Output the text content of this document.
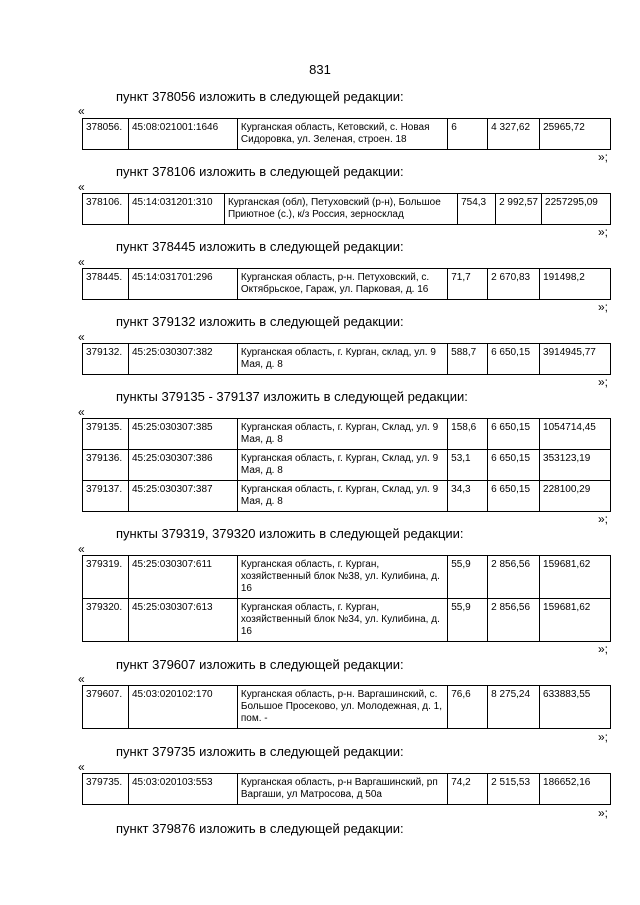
831
пункт 378056 изложить в следующей редакции:
«
378056.	45:08:021001:1646	Курганская область, Кетовский, с. Новая Сидоровка, ул. Зеленая, строен. 18	6	4 327,62	25965,72
»;
пункт 378106 изложить в следующей редакции:
«
378106.	45:14:031201:310	Курганская (обл), Петуховский (р-н), Большое Приютное (с.), к/з Россия, зерносклад	754,3	2 992,57	2257295,09
»;
пункт 378445 изложить в следующей редакции:
«
378445.	45:14:031701:296	Курганская область, р-н. Петуховский, с. Октябрьское, Гараж, ул. Парковая, д. 16	71,7	2 670,83	191498,2
»;
пункт 379132 изложить в следующей редакции:
«
379132.	45:25:030307:382	Курганская область, г. Курган, склад, ул. 9 Мая, д. 8	588,7	6 650,15	3914945,77
»;
пункты 379135 - 379137 изложить в следующей редакции:
«
379135.	45:25:030307:385	Курганская область, г. Курган, Склад, ул. 9 Мая, д. 8	158,6	6 650,15	1054714,45
379136.	45:25:030307:386	Курганская область, г. Курган, Склад, ул. 9 Мая, д. 8	53,1	6 650,15	353123,19
379137.	45:25:030307:387	Курганская область, г. Курган, Склад, ул. 9 Мая, д. 8	34,3	6 650,15	228100,29
»;
пункты 379319, 379320 изложить в следующей редакции:
«
379319.	45:25:030307:611	Курганская область, г. Курган, хозяйственный блок №38, ул. Кулибина, д. 16	55,9	2 856,56	159681,62
379320.	45:25:030307:613	Курганская область, г. Курган, хозяйственный блок №34, ул. Кулибина, д. 16	55,9	2 856,56	159681,62
»;
пункт 379607 изложить в следующей редакции:
«
379607.	45:03:020102:170	Курганская область, р-н. Варгашинский, с. Большое Просеково, ул. Молодежная, д. 1, пом. -	76,6	8 275,24	633883,55
»;
пункт 379735 изложить в следующей редакции:
«
379735.	45:03:020103:553	Курганская область, р-н Варгашинский, рп Варгаши, ул Матросова, д 50а	74,2	2 515,53	186652,16
»;
пункт 379876 изложить в следующей редакции:
